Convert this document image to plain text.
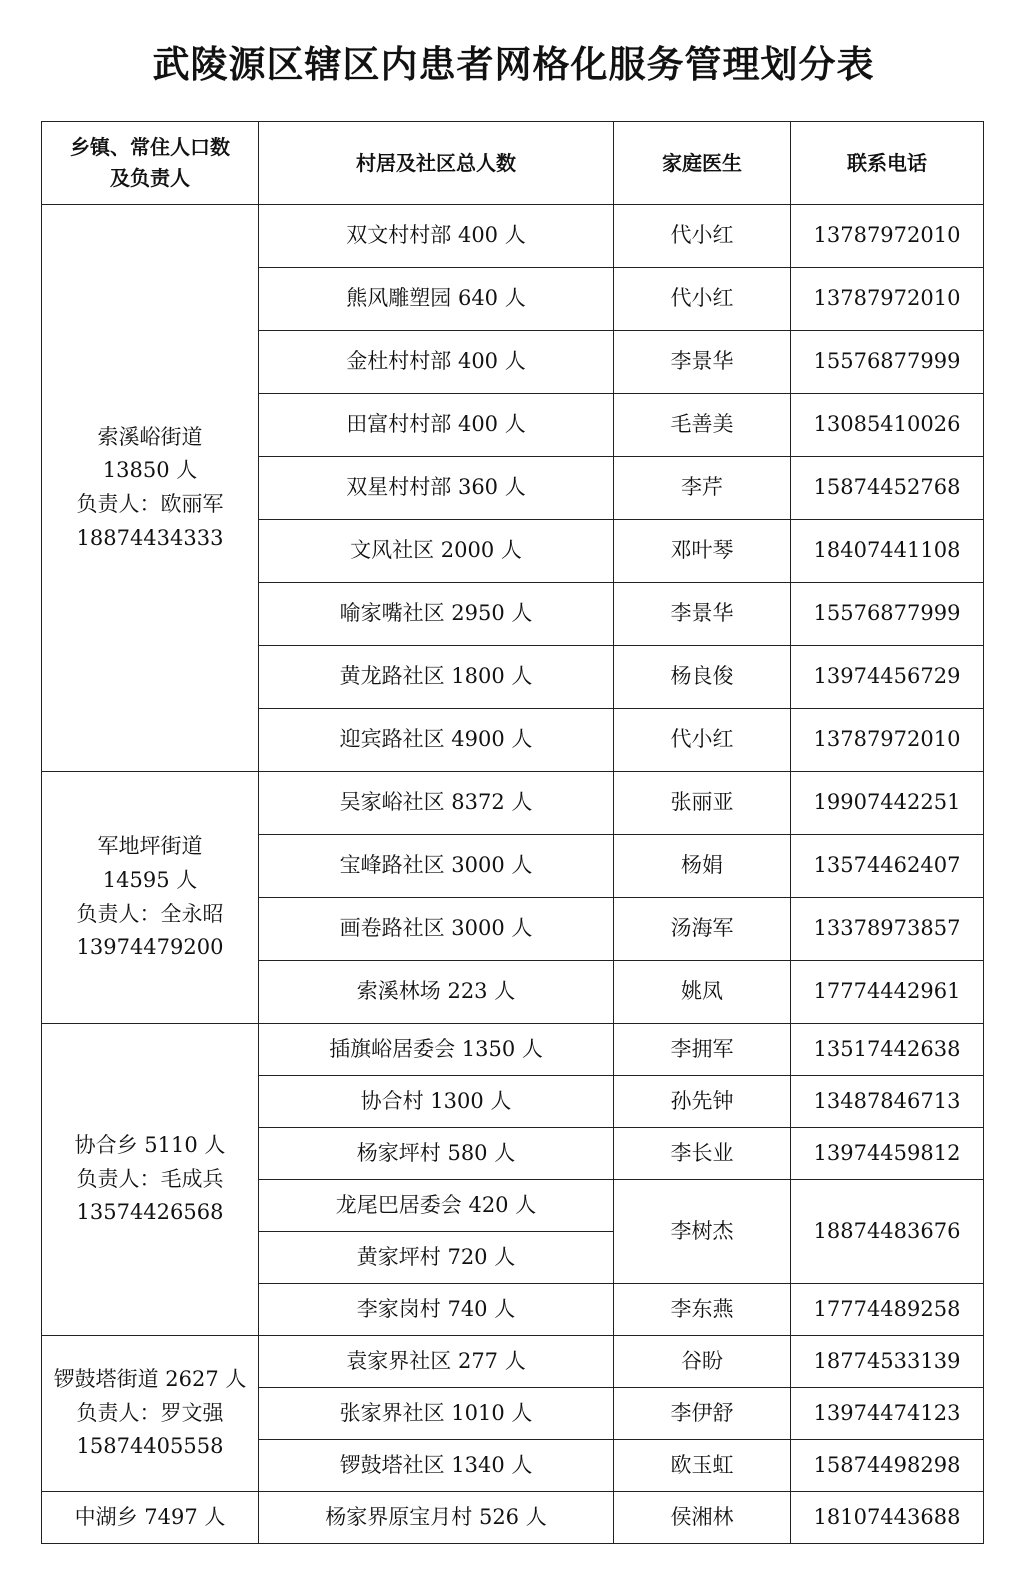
武陵源区辖区内患者网格化服务管理划分表
乡镇、常住人口数
及负责人	村居及社区总人数	家庭医生	联系电话

索溪峪街道
13850 人
负责人：欧丽军
18874434333	双文村村部 400 人	代小红	13787972010
	熊风雕塑园 640 人	代小红	13787972010
	金杜村村部 400 人	李景华	15576877999
	田富村村部 400 人	毛善美	13085410026
	双星村村部 360 人	李芹	15874452768
	文风社区 2000 人	邓叶琴	18407441108
	喻家嘴社区 2950 人	李景华	15576877999
	黄龙路社区 1800 人	杨良俊	13974456729
	迎宾路社区 4900 人	代小红	13787972010

军地坪街道
14595 人
负责人：全永昭
13974479200	吴家峪社区 8372 人	张丽亚	19907442251
	宝峰路社区 3000 人	杨娟	13574462407
	画卷路社区 3000 人	汤海军	13378973857
	索溪林场 223 人	姚凤	17774442961

协合乡 5110 人
负责人：毛成兵
13574426568	插旗峪居委会 1350 人	李拥军	13517442638
	协合村 1300 人	孙先钟	13487846713
	杨家坪村 580 人	李长业	13974459812
	龙尾巴居委会 420 人	李树杰	18874483676
	黄家坪村 720 人		
	李家岗村 740 人	李东燕	17774489258

锣鼓塔街道 2627 人
负责人：罗文强
15874405558	袁家界社区 277 人	谷盼	18774533139
	张家界社区 1010 人	李伊舒	13974474123
	锣鼓塔社区 1340 人	欧玉虹	15874498298

中湖乡 7497 人	杨家界原宝月村 526 人	侯湘林	18107443688
